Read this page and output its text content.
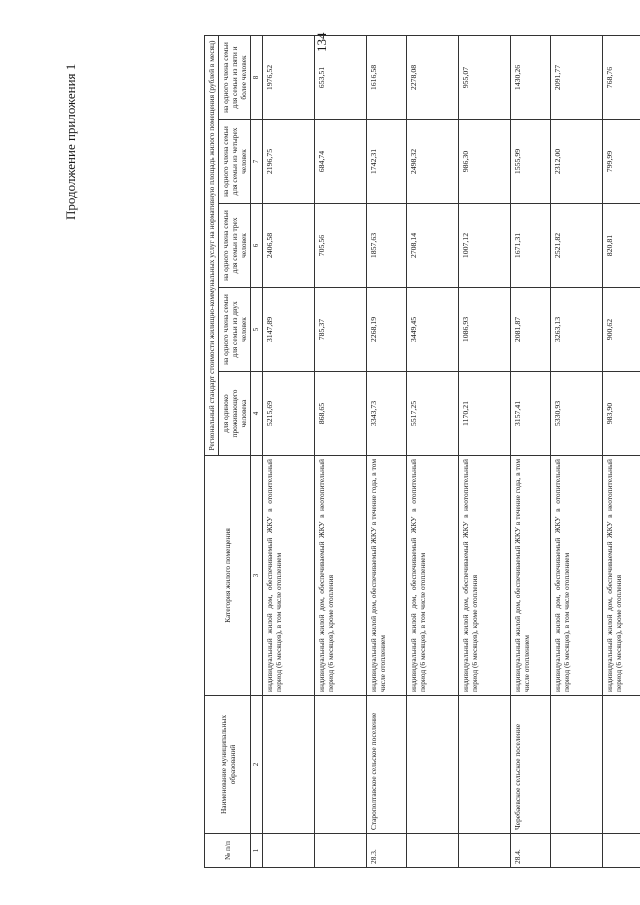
134
№ п/п	Наименование муниципальных образований	Категория жилого помещения	Региональный стандарт стоимости жилищно-коммунальных услуг на нормативную площадь жилого помещения (рублей в месяц)				
			для одиноко проживающего человека	на одного члена семьи для семьи из двух человек	на одного члена семьи для семьи из трех человек	на одного члена семьи для семьи из четырех человек	на одного члена семьи для семьи из пяти и более человек
1	2	3	4	5	6	7	8
		индивидуальный жилой дом, обеспечиваемый ЖКУ в отопительный период (6 месяцев), в том числе отоплением	5215,69	3147,89	2406,58	2196,75	1976,52
		индивидуальный жилой дом, обеспечиваемый ЖКУ в неотопительный период (6 месяцев), кроме отопления	868,65	785,37	705,56	684,74	653,51
28.3.	Старополтавское сельское поселение	индивидуальный жилой дом, обеспечиваемый ЖКУ в течение года, в том числе отоплением	3343,73	2268,19	1857,63	1742,31	1616,58
		индивидуальный жилой дом, обеспечиваемый ЖКУ в отопительный период (6 месяцев), в том числе отоплением	5517,25	3449,45	2708,14	2498,32	2278,08
		индивидуальный жилой дом, обеспечиваемый ЖКУ в неотопительный период (6 месяцев), кроме отопления	1170,21	1086,93	1007,12	986,30	955,07
28.4.	Черебаевское сельское поселение	индивидуальный жилой дом, обеспечиваемый ЖКУ в течение года, в том числе отоплением	3157,41	2081,87	1671,31	1555,99	1430,26
		индивидуальный жилой дом, обеспечиваемый ЖКУ в отопительный период (6 месяцев), в том числе отоплением	5330,93	3263,13	2521,82	2312,00	2091,77
		индивидуальный жилой дом, обеспечиваемый ЖКУ в неотопительный период (6 месяцев), кроме отопления	983,90	900,62	820,81	799,99	768,76
Продолжение приложения 1
